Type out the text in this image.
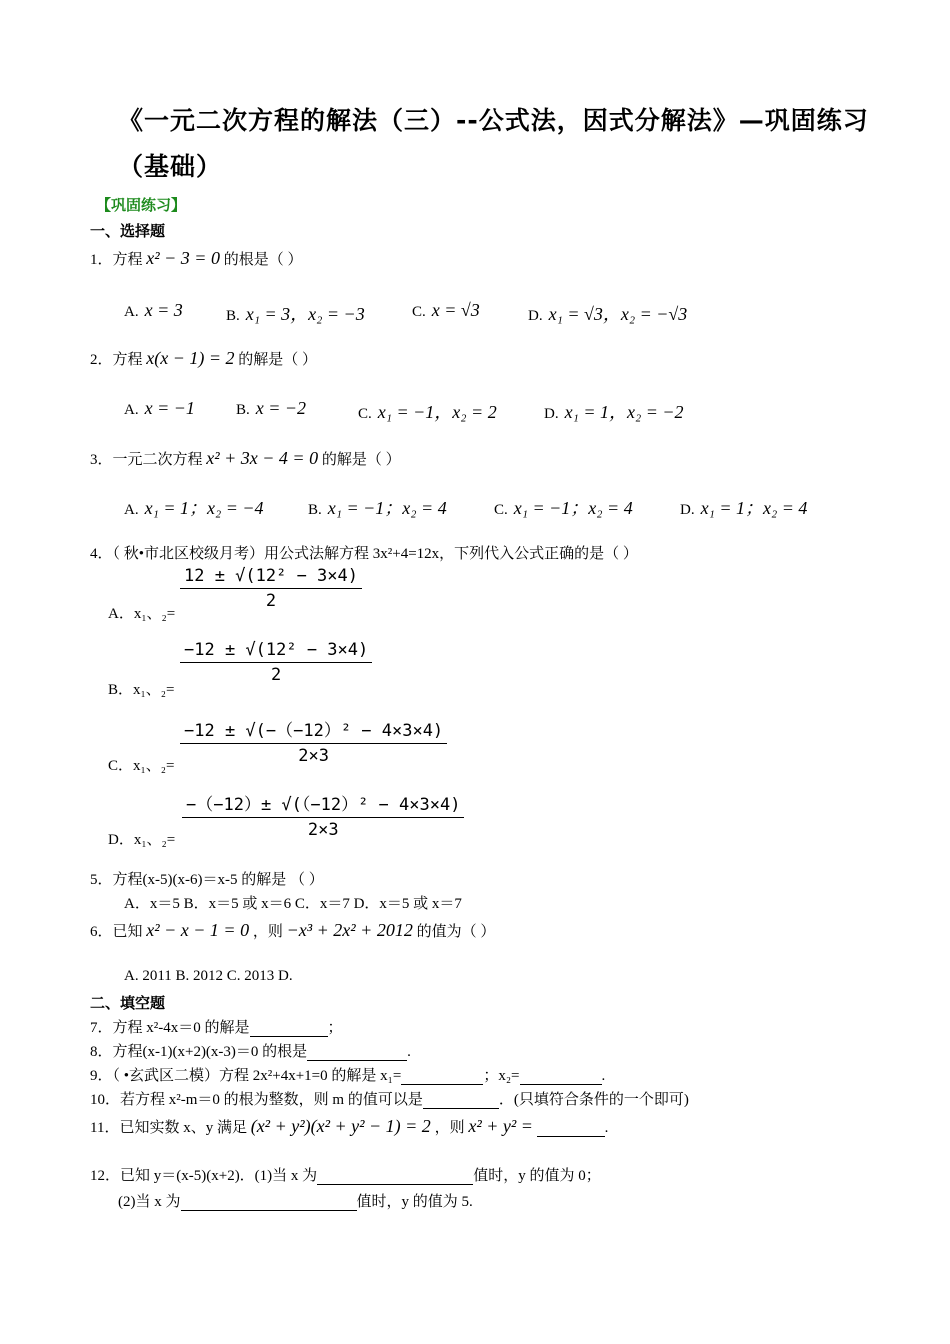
《一元二次方程的解法（三）--公式法，因式分解法》—巩固练习（基础）
【巩固练习】
一、选择题
1．方程 x² − 3 = 0 的根是（ ）
A. x = 3	B. x₁ = 3，x₂ = −3	C. x = √3	D. x₁ = √3，x₂ = −√3
2．方程 x(x − 1) = 2 的解是（ ）
A. x = −1	B. x = −2	C. x₁ = −1，x₂ = 2	D. x₁ = 1，x₂ = −2
3．一元二次方程 x² + 3x − 4 = 0 的解是（ ）
A. x₁ = 1；x₂ = −4	B. x₁ = −1；x₂ = 4	C. x₁ = −1；x₂ = 4	D. x₁ = 1；x₂ = 4
4．（ 秋•市北区校级月考）用公式法解方程 3x²+4=12x，下列代入公式正确的是（ ）
A．x₁、₂=
$\frac{\text{12 ± √(12² − 3×4)}}{2}$
B．x₁、₂=
$\frac{\text{−12 ± √(12² − 3×4)}}{2}$
C．x₁、$_2= \frac{\text{−12 ± √(−（−12）² − 4×3×4)}}{2\times 3}$
D．x₁、$_2= \frac{\text{−（−12）± √(（−12）² − 4×3×4)}}{2\times 3}$
5．方程(x-5)(x-6)＝x-5 的解是 （ ）
A．x＝5 B．x＝5 或 x＝6 C．x＝7 D．x＝5 或 x＝7
6．已知 x² − x − 1 = 0 ，则 −x³ + 2x² + 2012 的值为（ ）
A. 2011 B. 2012 C. 2013 D.
二、填空题
7．方程 x²-4x＝0 的解是	；
8．方程(x-1)(x+2)(x-3)＝0 的根是	.
9．（ •玄武区二模）方程 2x²+4x+1=0 的解是 x₁=	；x₂=	.
10．若方程 x²-m＝0 的根为整数，则 m 的值可以是	．(只填符合条件的一个即可)
11．已知实数 x、y 满足 (x² + y²)(x² + y² − 1) = 2 ，则 x² + y² =	.
12．已知 y＝(x-5)(x+2)．(1)当 x 为	值时，y 的值为 0；
(2)当 x 为	值时，y 的值为 5.
